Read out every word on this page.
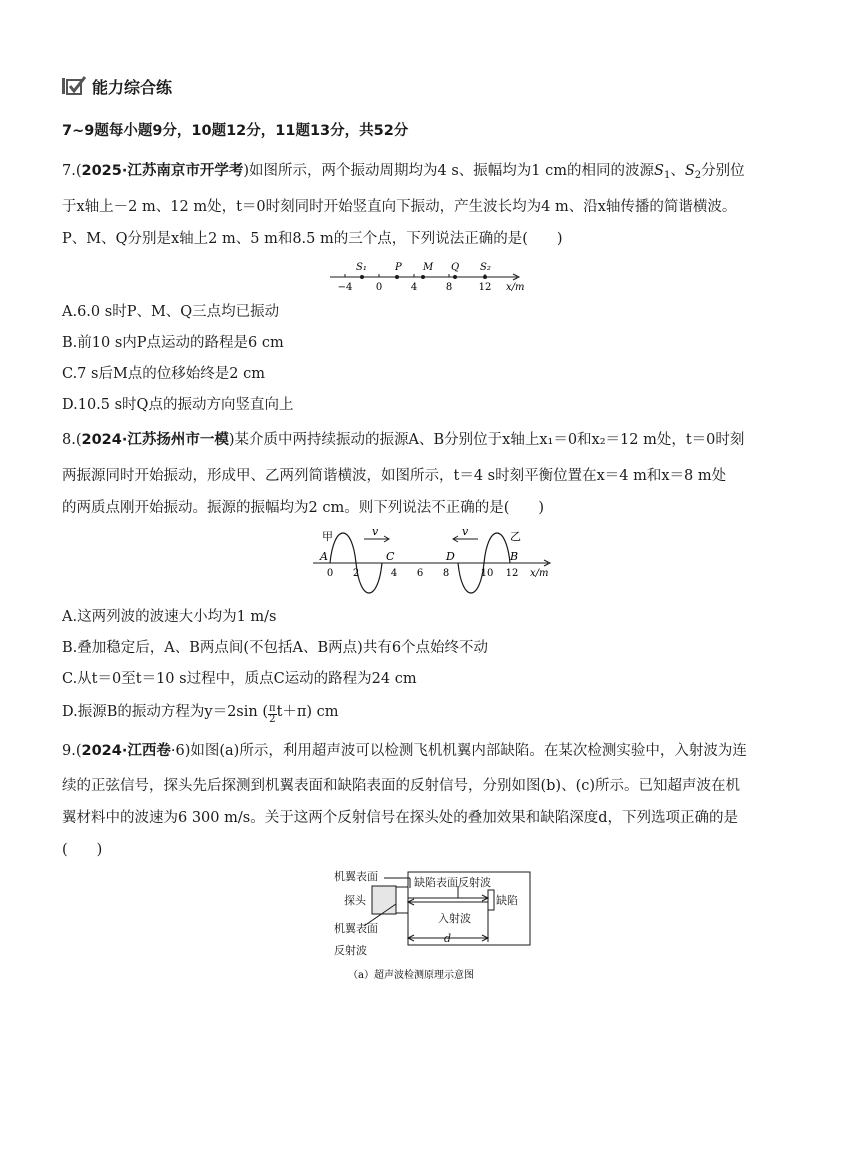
能力综合练
7~9题每小题9分，10题12分，11题13分，共52分
7.(2025·江苏南京市开学考)如图所示，两个振动周期均为4 s、振幅均为1 cm的相同的波源$S_1$、$S_2$分别位
于x轴上－2 m、12 m处，t＝0时刻同时开始竖直向下振动，产生波长均为4 m、沿x轴传播的简谐横波。
P、M、Q分别是x轴上2 m、5 m和8.5 m的三个点，下列说法正确的是(　　)
S₁	P M Q S₂
−4 0	4	8	12 x/m
A.6.0 s时P、M、Q三点均已振动
B.前10 s内P点运动的路程是6 cm
C.7 s后M点的位移始终是2 cm
D.10.5 s时Q点的振动方向竖直向上
8.(2024·江苏扬州市一模)某介质中两持续振动的振源A、B分别位于x轴上x₁＝0和x₂＝12 m处，t＝0时刻
两振源同时开始振动，形成甲、乙两列简谐横波，如图所示，t＝4 s时刻平衡位置在x＝4 m和x＝8 m处
的两质点刚开始振动。振源的振幅均为2 cm。则下列说法不正确的是(　　)
0 2	4 6 8	10 12
甲	乙
A	C	D	B
v	v
x/m
A.这两列波的波速大小均为1 m/s
B.叠加稳定后，A、B两点间(不包括A、B两点)共有6个点始终不动
C.从t＝0至t＝10 s过程中，质点C运动的路程为24 cm
D.振源B的振动方程为y＝2sin ( $\frac{\pi}{2} t+\pi$) cm
9.(2024·江西卷·6)如图(a)所示，利用超声波可以检测飞机机翼内部缺陷。在某次检测实验中，入射波为连
续的正弦信号，探头先后探测到机翼表面和缺陷表面的反射信号，分别如图(b)、(c)所示。已知超声波在机
翼材料中的波速为6 300 m/s。关于这两个反射信号在探头处的叠加效果和缺陷深度d，下列选项正确的是
(　　)
机翼表面
探头
机翼表面
反射波
缺陷表面反射波
入射波
缺陷
d
（a）超声波检测原理示意图
